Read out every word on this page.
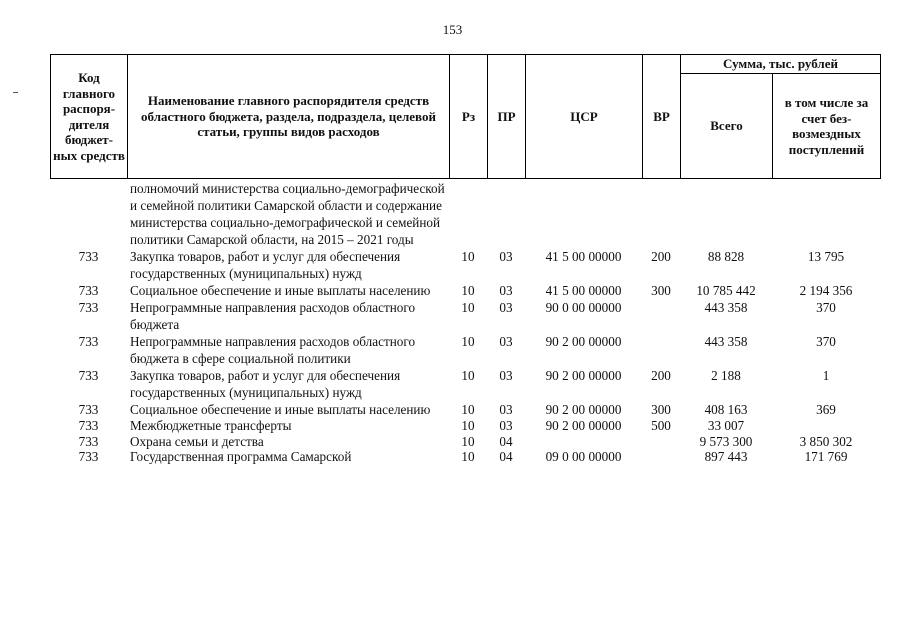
153
Код главного распоря-дителя бюджет-ных средств	Наименование главного распорядителя средств областного бюджета, раздела, подраздела, целевой статьи, группы видов расходов	Рз	ПР	ЦСР	ВР	Сумма, тыс. рублей	
						Всего	в том числе за счет без-возмездных поступлений
	полномочий министерства социально-демографической и семейной политики Самарской области и содержание министерства социально-демографической и семейной политики Самарской области, на 2015 – 2021 годы						
733	Закупка товаров, работ и услуг для обеспечения государственных (муниципальных) нужд	10	03	41 5 00 00000	200	88 828	13 795
733	Социальное обеспечение и иные выплаты населению	10	03	41 5 00 00000	300	10 785 442	2 194 356
733	Непрограммные направления расходов областного бюджета	10	03	90 0 00 00000		443 358	370
733	Непрограммные направления расходов областного бюджета в сфере социальной политики	10	03	90 2 00 00000		443 358	370
733	Закупка товаров, работ и услуг для обеспечения государственных (муниципальных) нужд	10	03	90 2 00 00000	200	2 188	1
733	Социальное обеспечение и иные выплаты населению	10	03	90 2 00 00000	300	408 163	369
733	Межбюджетные трансферты	10	03	90 2 00 00000	500	33 007	
733	Охрана семьи и детства	10	04			9 573 300	3 850 302
733	Государственная программа Самарской	10	04	09 0 00 00000		897 443	171 769
